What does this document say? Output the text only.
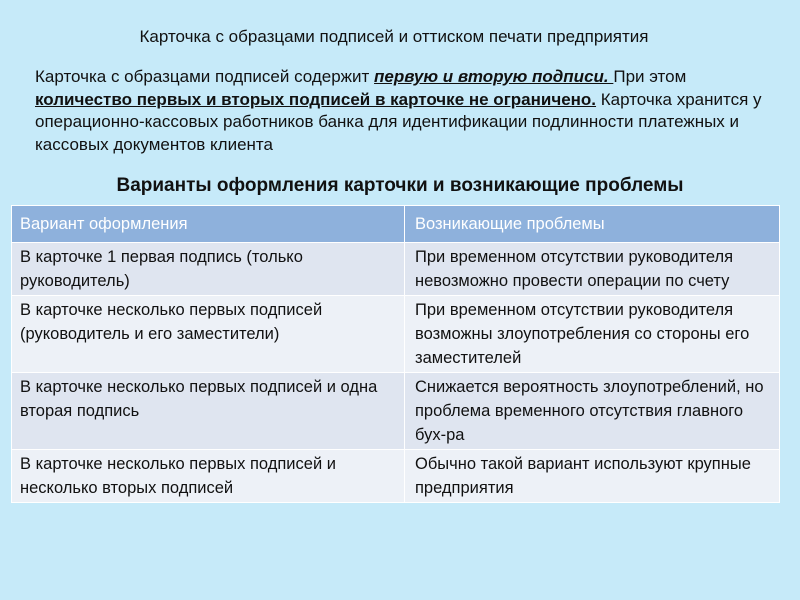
Карточка с образцами подписей и оттиском печати предприятия
Карточка с образцами подписей содержит первую и вторую подписи. При этом количество первых и вторых подписей в карточке не ограничено. Карточка хранится у операционно-кассовых работников банка для идентификации подлинности платежных и кассовых документов клиента
Варианты оформления карточки и возникающие проблемы
Вариант оформления	Возникающие проблемы
В карточке 1 первая подпись (только руководитель)	При временном отсутствии руководителя невозможно провести операции по счету
В карточке несколько первых подписей (руководитель и его заместители)	При временном отсутствии руководителя возможны злоупотребления со стороны его заместителей
В карточке несколько первых подписей и одна вторая подпись	Снижается вероятность злоупотреблений, но проблема временного отсутствия главного бух-ра
В карточке несколько первых подписей и несколько вторых подписей	Обычно такой вариант используют крупные предприятия
